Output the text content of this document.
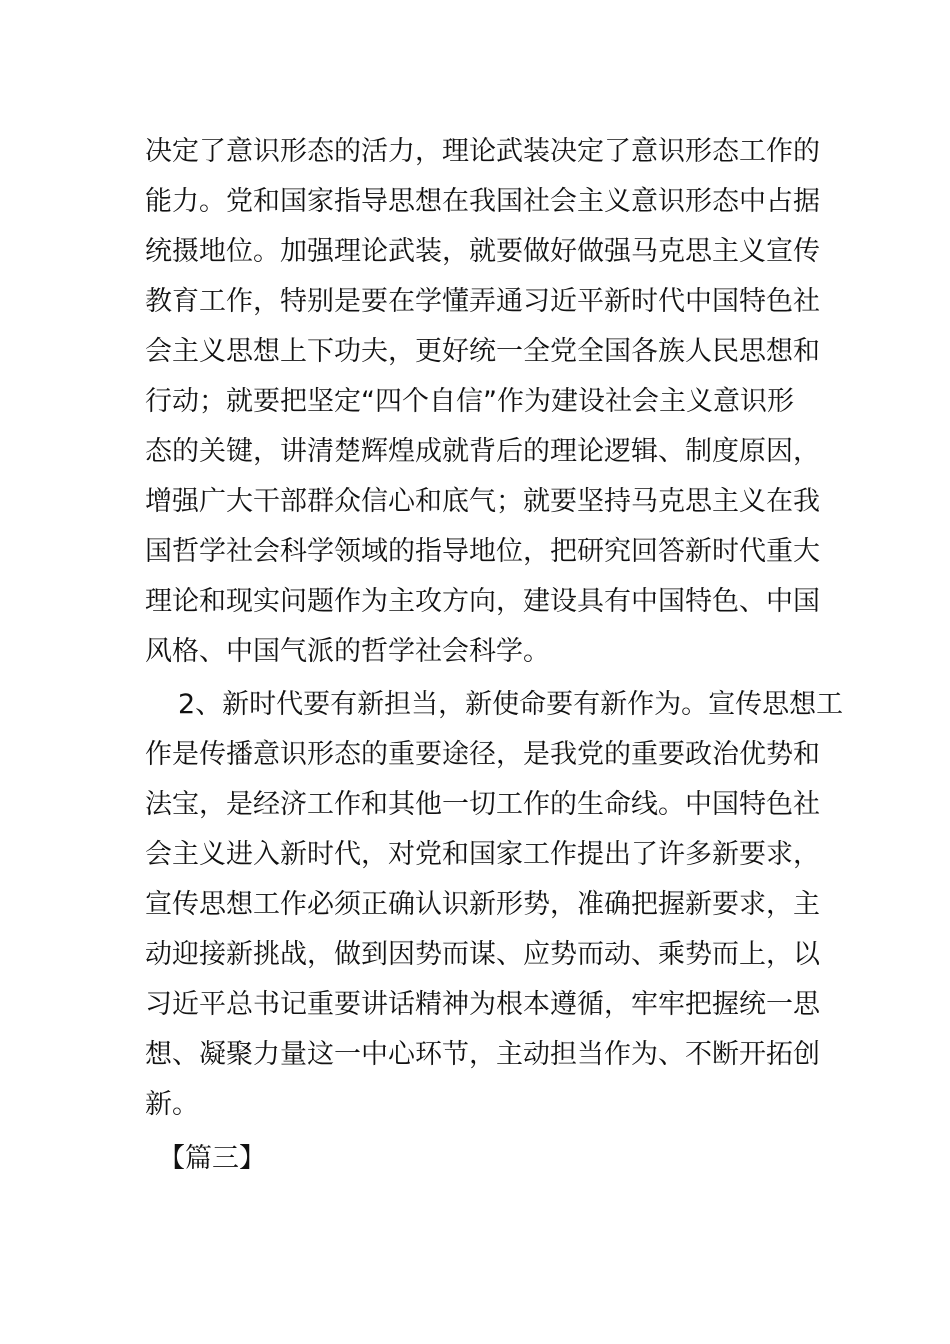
决定了意识形态的活力，理论武装决定了意识形态工作的
能力。党和国家指导思想在我国社会主义意识形态中占据
统摄地位。加强理论武装，就要做好做强马克思主义宣传
教育工作，特别是要在学懂弄通习近平新时代中国特色社
会主义思想上下功夫，更好统一全党全国各族人民思想和
行动；就要把坚定“四个自信”作为建设社会主义意识形
态的关键，讲清楚辉煌成就背后的理论逻辑、制度原因，
增强广大干部群众信心和底气；就要坚持马克思主义在我
国哲学社会科学领域的指导地位，把研究回答新时代重大
理论和现实问题作为主攻方向，建设具有中国特色、中国
风格、中国气派的哲学社会科学。
2、新时代要有新担当，新使命要有新作为。宣传思想工
作是传播意识形态的重要途径，是我党的重要政治优势和
法宝，是经济工作和其他一切工作的生命线。中国特色社
会主义进入新时代，对党和国家工作提出了许多新要求，
宣传思想工作必须正确认识新形势，准确把握新要求，主
动迎接新挑战，做到因势而谋、应势而动、乘势而上，以
习近平总书记重要讲话精神为根本遵循，牢牢把握统一思
想、凝聚力量这一中心环节，主动担当作为、不断开拓创
新。
【篇三】
